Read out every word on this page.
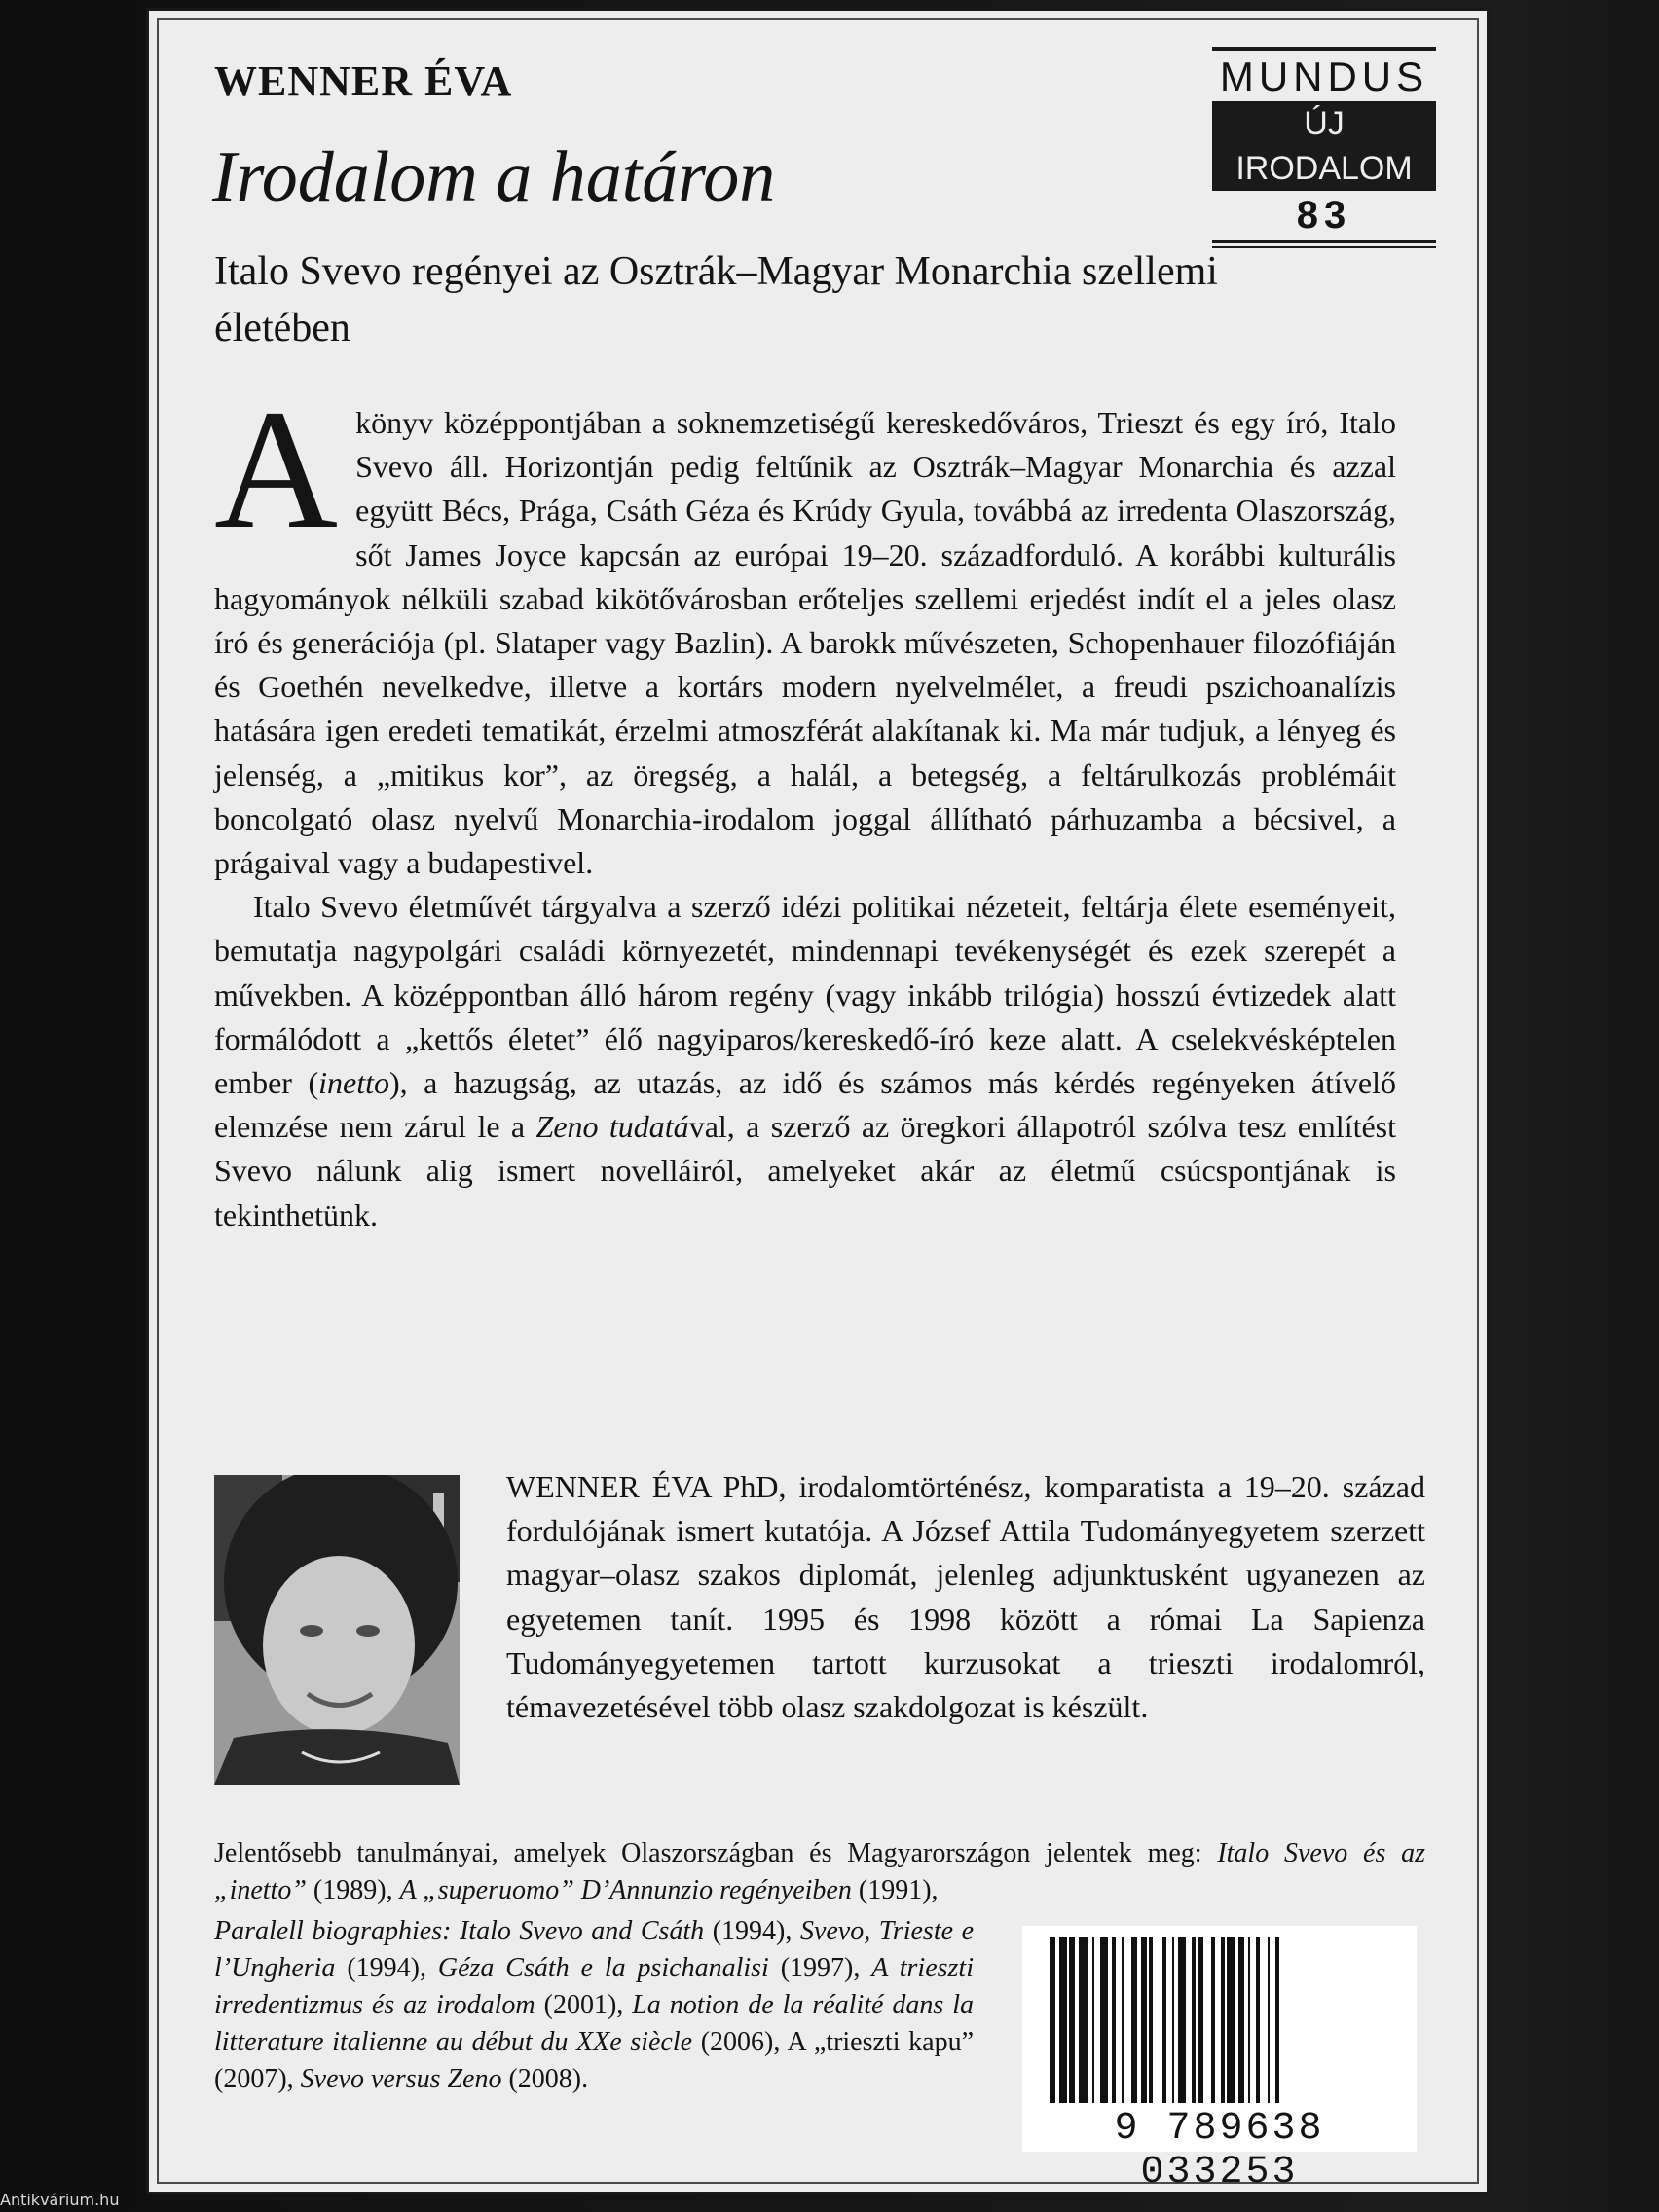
WENNER ÉVA
Irodalom a határon
Italo Svevo regényei az Osztrák–Magyar Monarchia szellemi életében
MUNDUS
ÚJ IRODALOM
83

Akönyv középpontjában a soknemzetiségű kereskedőváros, Trieszt és egy író, Italo Svevo áll. Horizontján pedig feltűnik az Osztrák–Magyar Monarchia és azzal együtt Bécs, Prága, Csáth Géza és Krúdy Gyula, továbbá az irredenta Olaszország, sőt James Joyce kapcsán az európai 19–20. századforduló. A korábbi kulturális hagyományok nélküli szabad kikötővárosban erőteljes szellemi erjedést indít el a jeles olasz író és generációja (pl. Slataper vagy Bazlin). A barokk művészeten, Schopenhauer filozófiáján és Goethén nevelkedve, illetve a kortárs modern nyelvelmélet, a freudi pszichoanalízis hatására igen eredeti tematikát, érzelmi atmoszférát alakítanak ki. Ma már tudjuk, a lényeg és jelenség, a „mitikus kor”, az öregség, a halál, a betegség, a feltárulkozás problémáit boncolgató olasz nyelvű Monarchia-irodalom joggal állítható párhuzamba a bécsivel, a prágaival vagy a budapestivel.

Italo Svevo életművét tárgyalva a szerző idézi politikai nézeteit, feltárja élete eseményeit, bemutatja nagypolgári családi környezetét, mindennapi tevékenységét és ezek szerepét a művekben. A középpontban álló három regény (vagy inkább trilógia) hosszú évtizedek alatt formálódott a „kettős életet” élő nagyiparos/kereskedő-író keze alatt. A cselekvésképtelen ember (inetto), a hazugság, az utazás, az idő és számos más kérdés regényeken átívelő elemzése nem zárul le a Zeno tudatával, a szerző az öregkori állapotról szólva tesz említést Svevo nálunk alig ismert novelláiról, amelyeket akár az életmű csúcspontjának is tekinthetünk.

WENNER ÉVA PhD, irodalomtörténész, komparatista a 19–20. század fordulójának ismert kutatója. A József Attila Tudományegyetem szerzett magyar–olasz szakos diplomát, jelenleg adjunktusként ugyanezen az egyetemen tanít. 1995 és 1998 között a római La Sapienza Tudományegyetemen tartott kurzusokat a trieszti irodalomról, témavezetésével több olasz szakdolgozat is készült.

Jelentősebb tanulmányai, amelyek Olaszországban és Magyarországon jelentek meg: Italo Svevo és az „inetto” (1989), A „superuomo” D’Annunzio regényeiben (1991),

Paralell biographies: Italo Svevo and Csáth (1994), Svevo, Trieste e l’Ungheria (1994), Géza Csáth e la psichanalisi (1997), A trieszti irredentizmus és az irodalom (2001), La notion de la réalité dans la litterature italienne au début du XXe siècle (2006), A „trieszti kapu” (2007), Svevo versus Zeno (2008).

9 789638 033253
Antikvárium.hu
